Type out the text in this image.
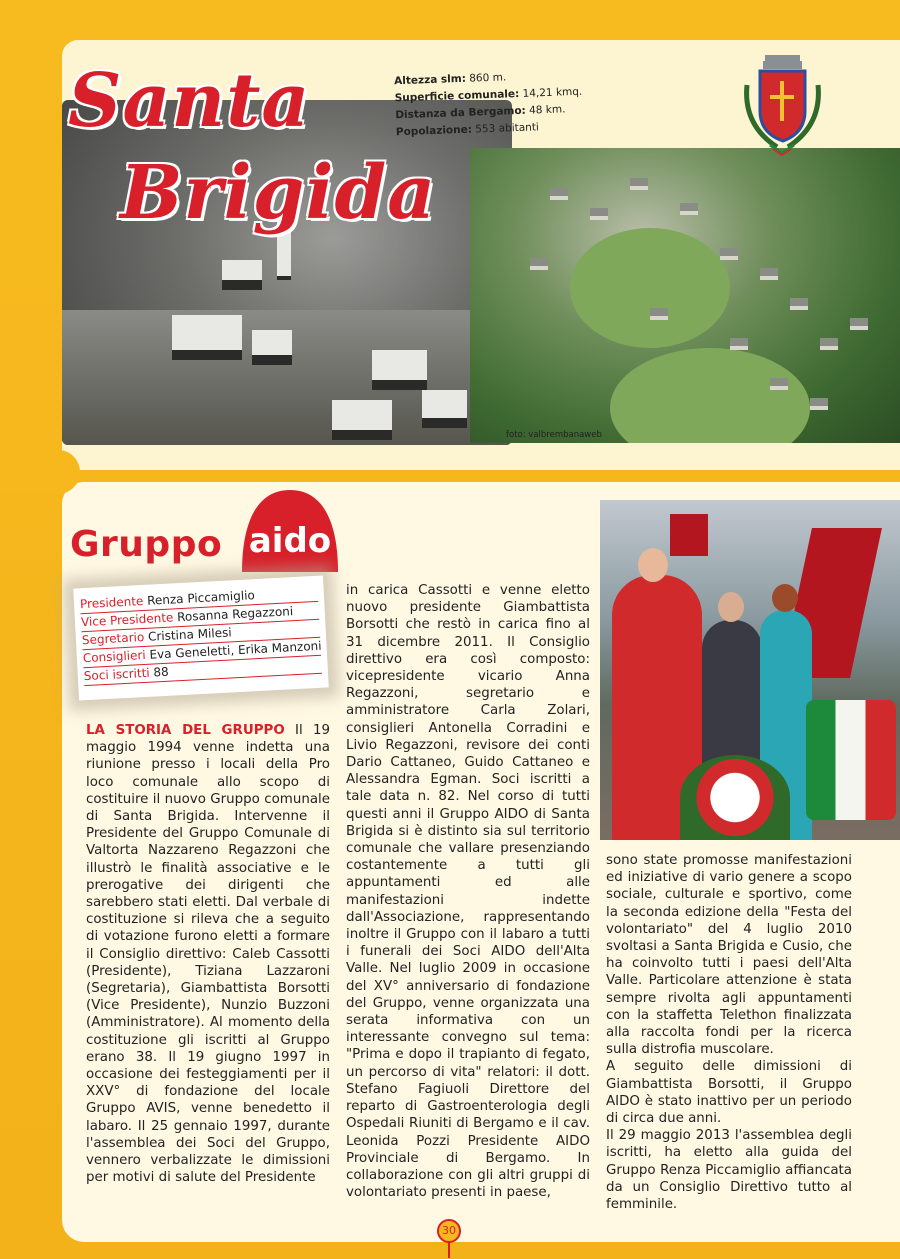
Santa
Brigida
Altezza slm: 860 m.
Superficie comunale: 14,21 kmq.
Distanza da Bergamo: 48 km.
Popolazione: 553 abitanti
foto: valbrembanaweb
Gruppo aido
Presidente Renza Piccamiglio
Vice Presidente Rosanna Regazzoni
Segretario Cristina Milesi
Consiglieri Eva Geneletti, Erika Manzoni
Soci iscritti 88

LA STORIA DEL GRUPPO Il 19 maggio 1994 venne indetta una riunione presso i locali della Pro loco comunale allo scopo di costituire il nuovo Gruppo comunale di Santa Brigida. Intervenne il Presidente del Gruppo Comunale di Valtorta Nazzareno Regazzoni che illustrò le finalità associative e le prerogative dei dirigenti che sarebbero stati eletti. Dal verbale di costituzione si rileva che a seguito di votazione furono eletti a formare il Consiglio direttivo: Caleb Cassotti (Presidente), Tiziana Lazzaroni (Segretaria), Giambattista Borsotti (Vice Presidente), Nunzio Buzzoni (Amministratore). Al momento della costituzione gli iscritti al Gruppo erano 38. Il 19 giugno 1997 in occasione dei festeggiamenti per il XXV° di fondazione del locale Gruppo AVIS, venne benedetto il labaro. Il 25 gennaio 1997, durante l'assemblea dei Soci del Gruppo, vennero verbalizzate le dimissioni per motivi di salute del Presidente

in carica Cassotti e venne eletto nuovo presidente Giambattista Borsotti che restò in carica fino al 31 dicembre 2011. Il Consiglio direttivo era così composto: vicepresidente vicario Anna Regazzoni, segretario e amministratore Carla Zolari, consiglieri Antonella Corradini e Livio Regazzoni, revisore dei conti Dario Cattaneo, Guido Cattaneo e Alessandra Egman. Soci iscritti a tale data n. 82. Nel corso di tutti questi anni il Gruppo AIDO di Santa Brigida si è distinto sia sul territorio comunale che vallare presenziando costantemente a tutti gli appuntamenti ed alle manifestazioni indette dall'Associazione, rappresentando inoltre il Gruppo con il labaro a tutti i funerali dei Soci AIDO dell'Alta Valle. Nel luglio 2009 in occasione del XV° anniversario di fondazione del Gruppo, venne organizzata una serata informativa con un interessante convegno sul tema: "Prima e dopo il trapianto di fegato, un percorso di vita" relatori: il dott. Stefano Fagiuoli Direttore del reparto di Gastroenterologia degli Ospedali Riuniti di Bergamo e il cav. Leonida Pozzi Presidente AIDO Provinciale di Bergamo. In collaborazione con gli altri gruppi di volontariato presenti in paese,

sono state promosse manifestazioni ed iniziative di vario genere a scopo sociale, culturale e sportivo, come la seconda edizione della "Festa del volontariato" del 4 luglio 2010 svoltasi a Santa Brigida e Cusio, che ha coinvolto tutti i paesi dell'Alta Valle. Particolare attenzione è stata sempre rivolta agli appuntamenti con la staffetta Telethon finalizzata alla raccolta fondi per la ricerca sulla distrofia muscolare.

A seguito delle dimissioni di Giambattista Borsotti, il Gruppo AIDO è stato inattivo per un periodo di circa due anni.

Il 29 maggio 2013 l'assemblea degli iscritti, ha eletto alla guida del Gruppo Renza Piccamiglio affiancata da un Consiglio Direttivo tutto al femminile.

30
